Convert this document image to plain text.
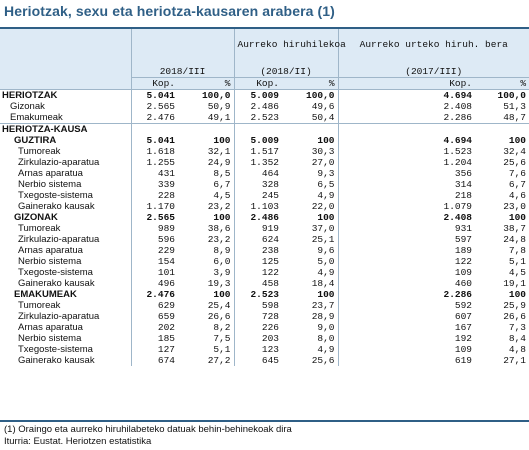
Heriotzak, sexu eta heriotza-kausaren arabera (1)
			Aurreko hiruhilekoa		Aurreko urteko hiruh. bera		
	2018/III		(2018/II)		(2017/III)		
	Kop.	%	Kop.	%		Kop.	%
HERIOTZAK	5.041	100,0	5.009	100,0		4.694	100,0
Gizonak	2.565	50,9	2.486	49,6		2.408	51,3
Emakumeak	2.476	49,1	2.523	50,4		2.286	48,7
HERIOTZA-KAUSA							
GUZTIRA	5.041	100	5.009	100		4.694	100
Tumoreak	1.618	32,1	1.517	30,3		1.523	32,4
Zirkulazio-aparatua	1.255	24,9	1.352	27,0		1.204	25,6
Arnas aparatua	431	8,5	464	9,3		356	7,6
Nerbio sistema	339	6,7	328	6,5		314	6,7
Txegoste-sistema	228	4,5	245	4,9		218	4,6
Gainerako kausak	1.170	23,2	1.103	22,0		1.079	23,0
GIZONAK	2.565	100	2.486	100		2.408	100
Tumoreak	989	38,6	919	37,0		931	38,7
Zirkulazio-aparatua	596	23,2	624	25,1		597	24,8
Arnas aparatua	229	8,9	238	9,6		189	7,8
Nerbio sistema	154	6,0	125	5,0		122	5,1
Txegoste-sistema	101	3,9	122	4,9		109	4,5
Gainerako kausak	496	19,3	458	18,4		460	19,1
EMAKUMEAK	2.476	100	2.523	100		2.286	100
Tumoreak	629	25,4	598	23,7		592	25,9
Zirkulazio-aparatua	659	26,6	728	28,9		607	26,6
Arnas aparatua	202	8,2	226	9,0		167	7,3
Nerbio sistema	185	7,5	203	8,0		192	8,4
Txegoste-sistema	127	5,1	123	4,9		109	4,8
Gainerako kausak	674	27,2	645	25,6		619	27,1
(1) Oraingo eta aurreko hiruhilabeteko datuak behin-behinekoak dira
Iturria: Eustat. Heriotzen estatistika
